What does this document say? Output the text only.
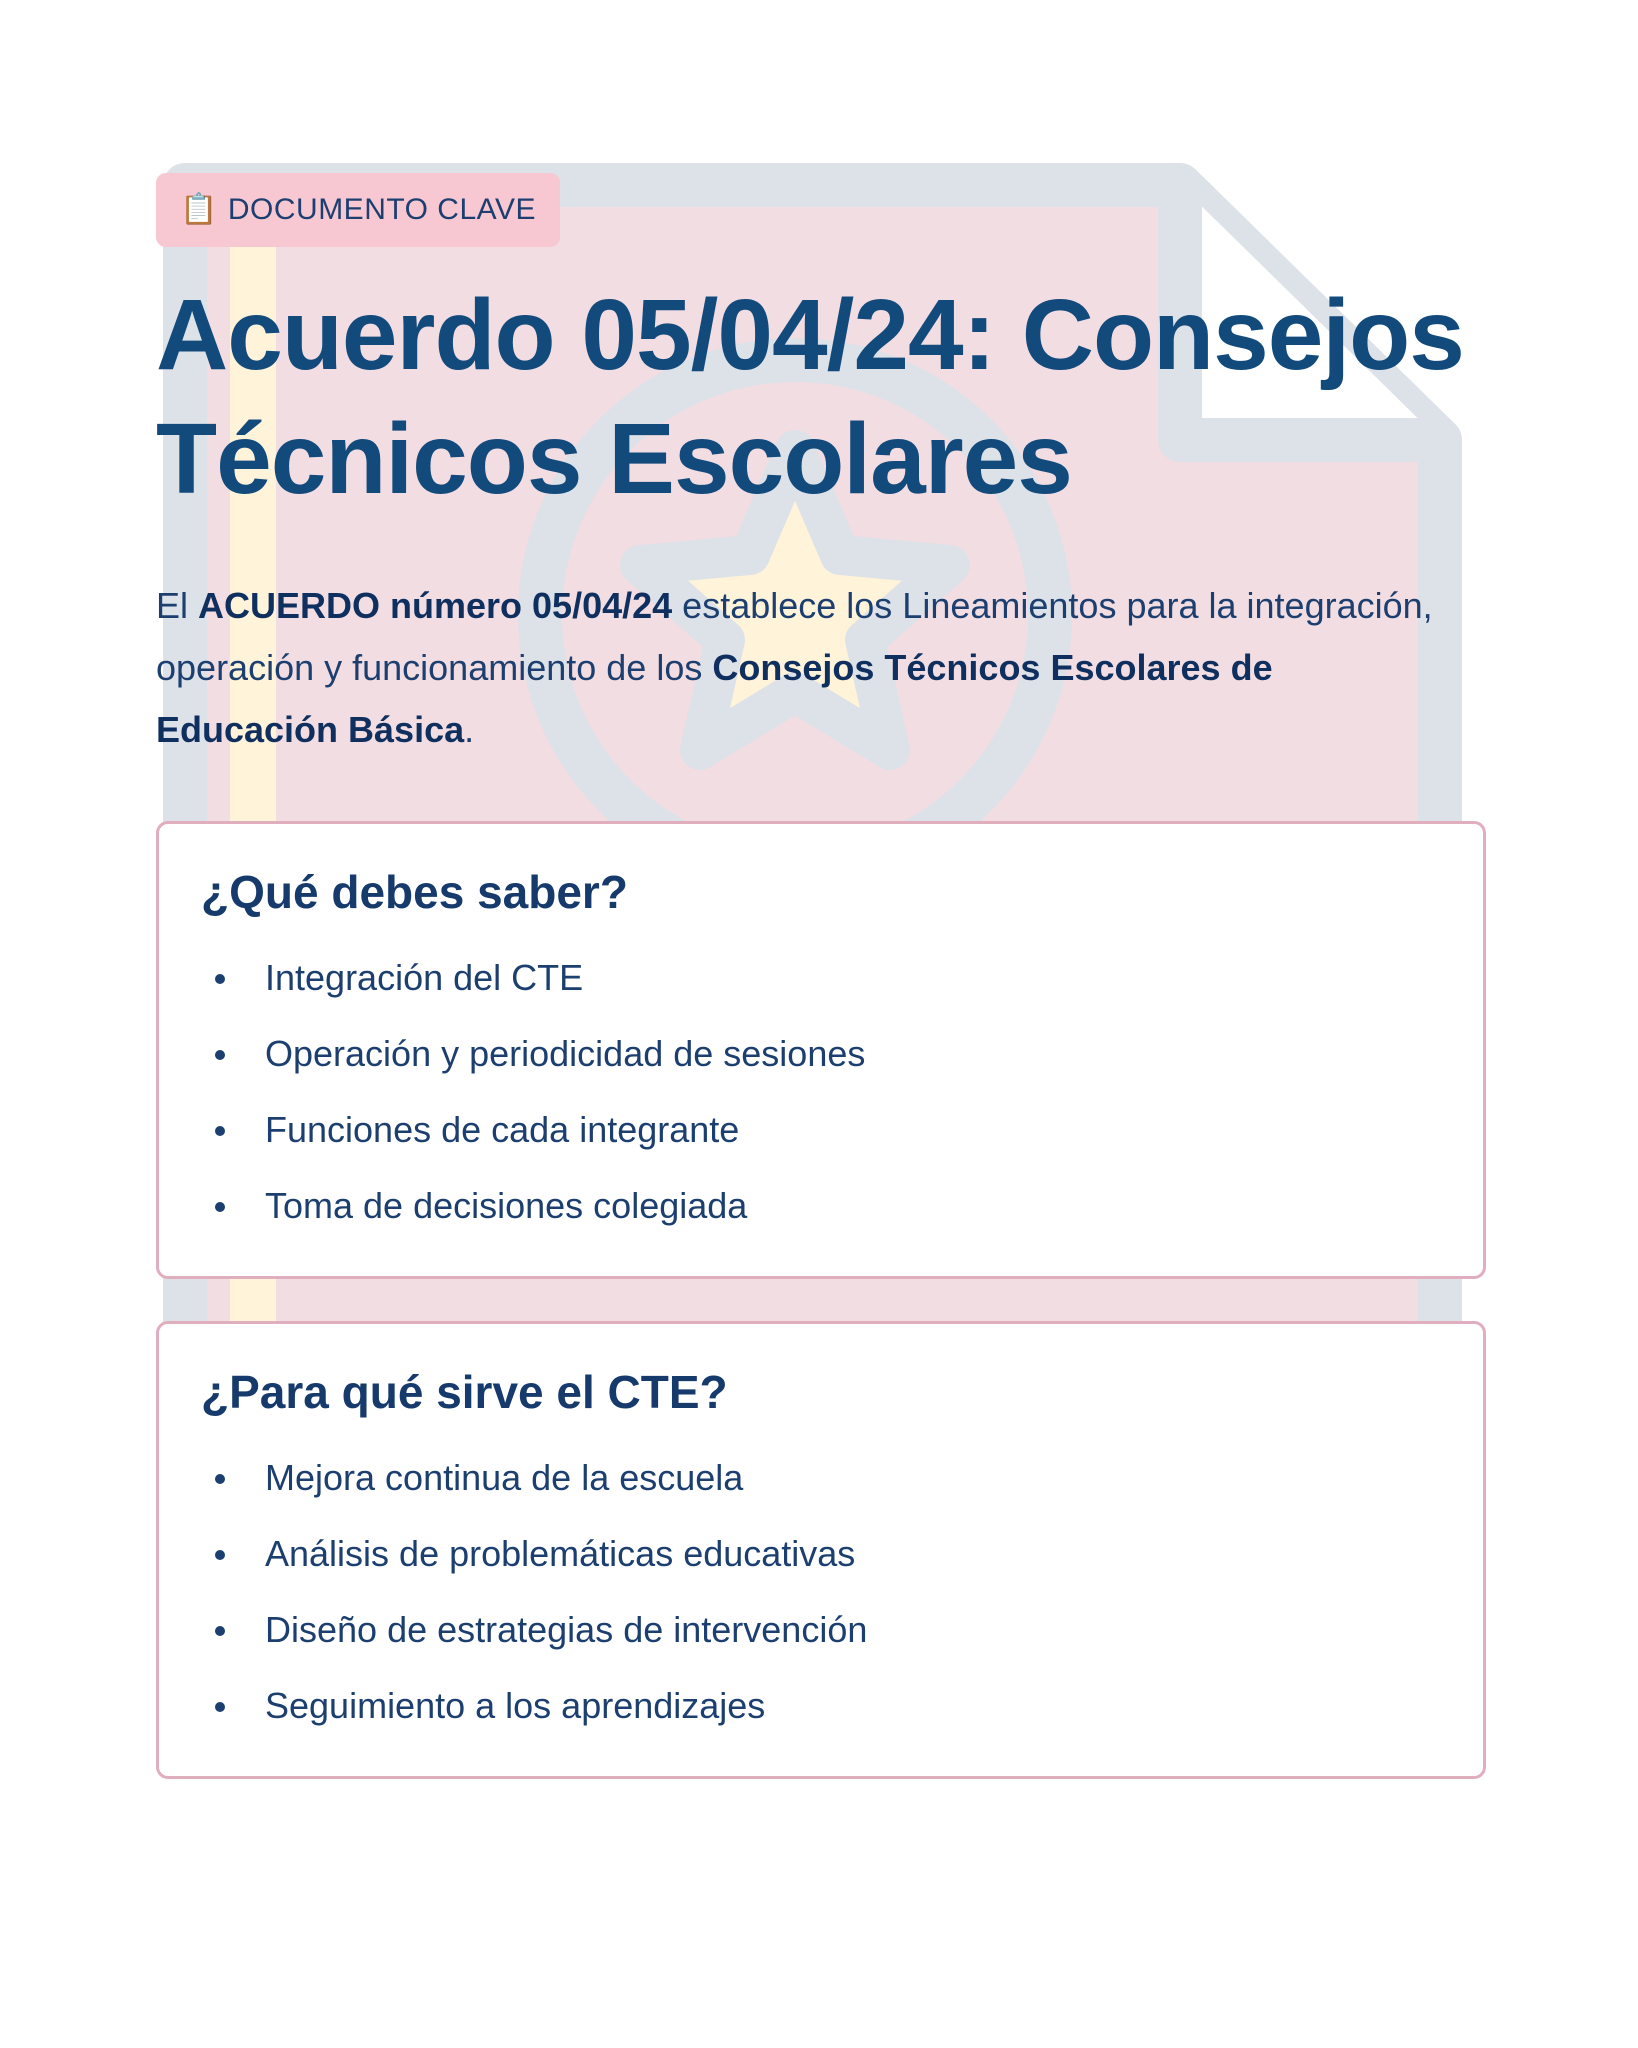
📋 DOCUMENTO CLAVE
Acuerdo 05/04/24: Consejos Técnicos Escolares

El ACUERDO número 05/04/24 establece los Lineamientos para la integración, operación y funcionamiento de los Consejos Técnicos Escolares de Educación Básica.

¿Qué debes saber?
Integración del CTE
Operación y periodicidad de sesiones
Funciones de cada integrante
Toma de decisiones colegiada
¿Para qué sirve el CTE?
Mejora continua de la escuela
Análisis de problemáticas educativas
Diseño de estrategias de intervención
Seguimiento a los aprendizajes
